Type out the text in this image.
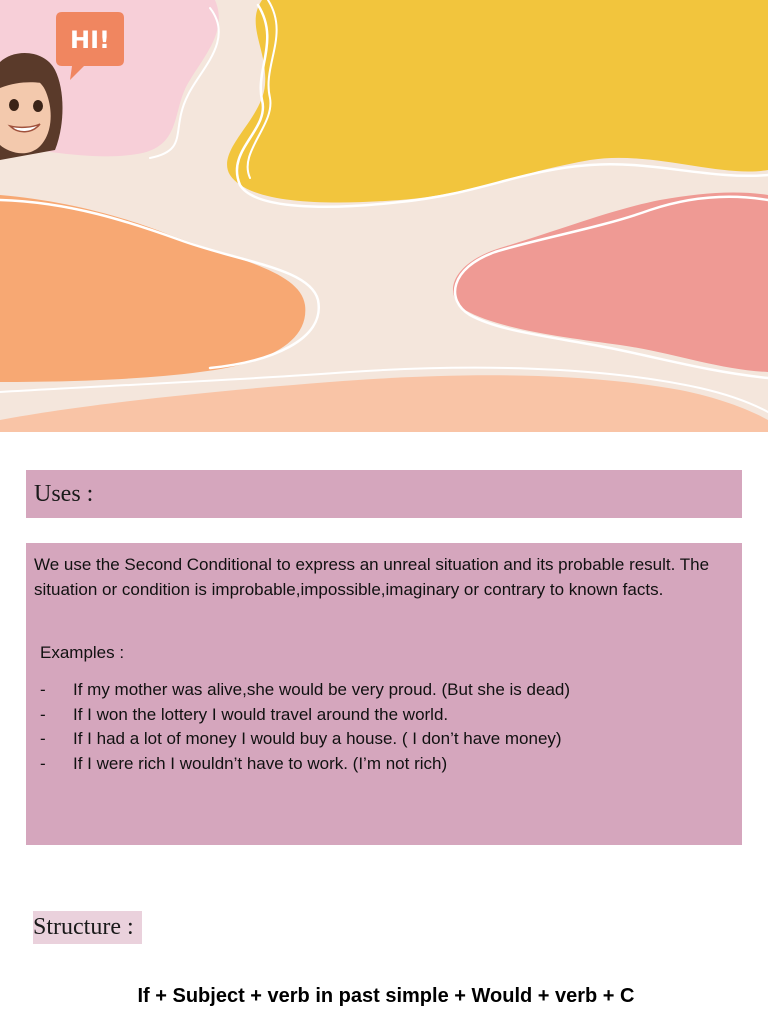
HI!
Uses :

We use the Second Conditional to express an unreal situation and its probable result. The situation or condition is improbable,impossible,imaginary or contrary to known facts.

Examples :

-	If my mother was alive,she would be very proud. (But she is dead)
-	If I won the lottery I would travel around the world.
-	If I had a lot of money I would buy a house. ( I don’t have money)
-	If I were rich I wouldn’t have to work. (I’m not rich)
Structure :
If + Subject + verb in past simple + Would + verb + C
